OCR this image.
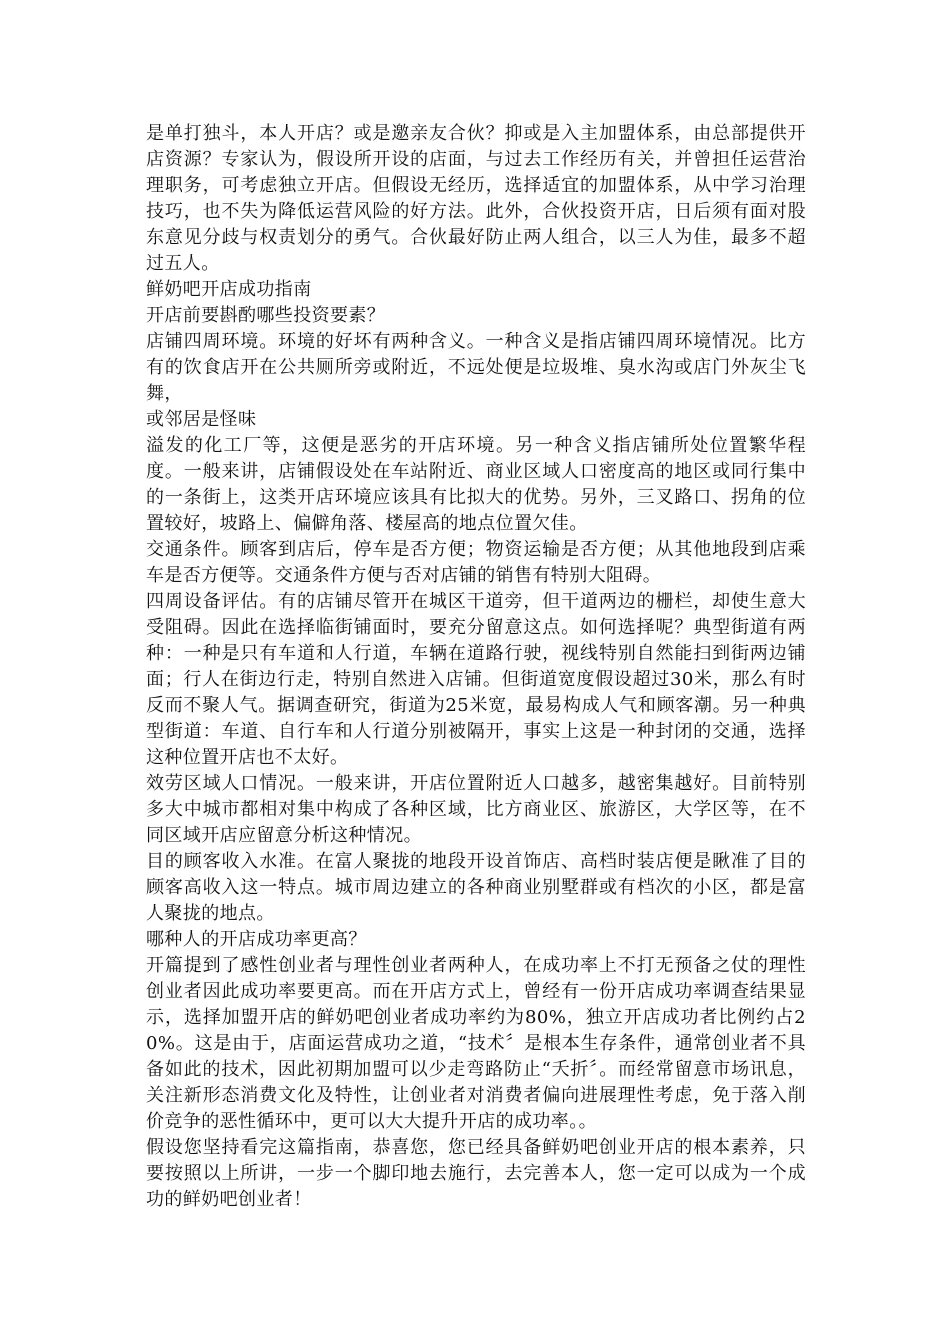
是单打独斗，本人开店？或是邀亲友合伙？抑或是入主加盟体系，由总部提供开店资源？专家认为，假设所开设的店面，与过去工作经历有关，并曾担任运营治理职务，可考虑独立开店。但假设无经历，选择适宜的加盟体系，从中学习治理技巧，也不失为降低运营风险的好方法。此外，合伙投资开店，日后须有面对股东意见分歧与权责划分的勇气。合伙最好防止两人组合，以三人为佳，最多不超过五人。

鲜奶吧开店成功指南

开店前要斟酌哪些投资要素？

店铺四周环境。环境的好坏有两种含义。一种含义是指店铺四周环境情况。比方有的饮食店开在公共厕所旁或附近，不远处便是垃圾堆、臭水沟或店门外灰尘飞舞，

或邻居是怪味

溢发的化工厂等，这便是恶劣的开店环境。另一种含义指店铺所处位置繁华程度。一般来讲，店铺假设处在车站附近、商业区域人口密度高的地区或同行集中的一条街上，这类开店环境应该具有比拟大的优势。另外，三叉路口、拐角的位置较好，坡路上、偏僻角落、楼屋高的地点位置欠佳。

交通条件。顾客到店后，停车是否方便；物资运输是否方便；从其他地段到店乘车是否方便等。交通条件方便与否对店铺的销售有特别大阻碍。

四周设备评估。有的店铺尽管开在城区干道旁，但干道两边的栅栏，却使生意大受阻碍。因此在选择临街铺面时，要充分留意这点。如何选择呢？典型街道有两种：一种是只有车道和人行道，车辆在道路行驶，视线特别自然能扫到街两边铺面；行人在街边行走，特别自然进入店铺。但街道宽度假设超过30米，那么有时反而不聚人气。据调查研究，街道为25米宽，最易构成人气和顾客潮。另一种典型街道：车道、自行车和人行道分别被隔开，事实上这是一种封闭的交通，选择这种位置开店也不太好。

效劳区域人口情况。一般来讲，开店位置附近人口越多，越密集越好。目前特别多大中城市都相对集中构成了各种区域，比方商业区、旅游区，大学区等，在不同区域开店应留意分析这种情况。

目的顾客收入水准。在富人聚拢的地段开设首饰店、高档时装店便是瞅准了目的顾客高收入这一特点。城市周边建立的各种商业别墅群或有档次的小区，都是富人聚拢的地点。

哪种人的开店成功率更高？

开篇提到了感性创业者与理性创业者两种人，在成功率上不打无预备之仗的理性创业者因此成功率要更高。而在开店方式上，曾经有一份开店成功率调查结果显示，选择加盟开店的鲜奶吧创业者成功率约为80%，独立开店成功者比例约占20%。这是由于，店面运营成功之道，“技术〞是根本生存条件，通常创业者不具备如此的技术，因此初期加盟可以少走弯路防止“夭折〞。而经常留意市场讯息，关注新形态消费文化及特性，让创业者对消费者偏向进展理性考虑，免于落入削价竞争的恶性循环中，更可以大大提升开店的成功率。。

假设您坚持看完这篇指南，恭喜您，您已经具备鲜奶吧创业开店的根本素养，只要按照以上所讲，一步一个脚印地去施行，去完善本人，您一定可以成为一个成功的鲜奶吧创业者！
